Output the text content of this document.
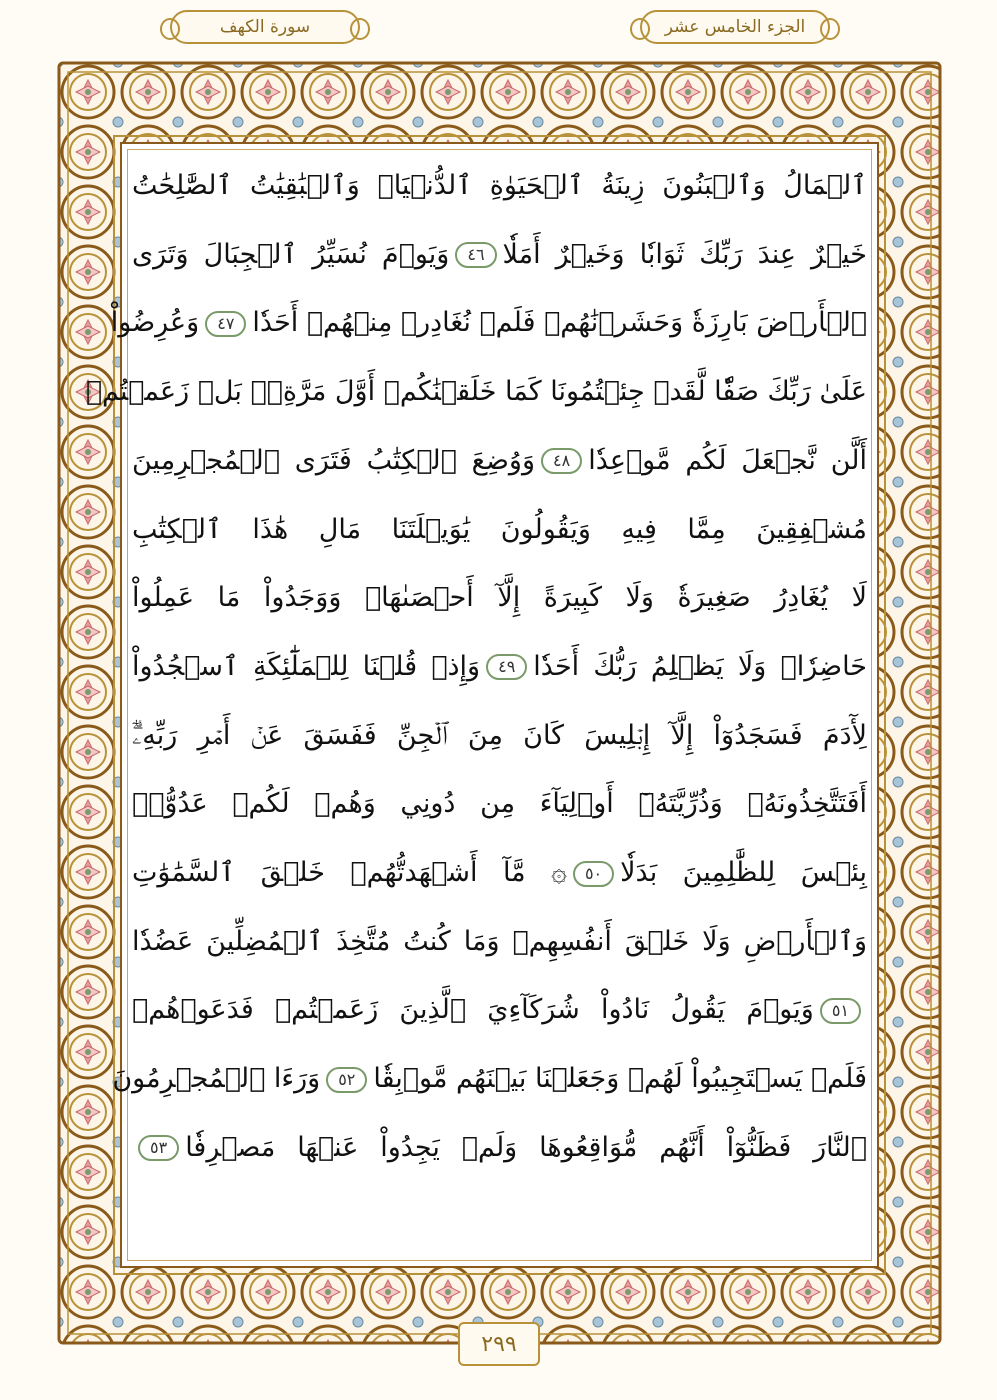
سورة الكهف	الجزء الخامس عشر
ٱلۡمَالُ وَٱلۡبَنُونَ زِينَةُ ٱلۡحَيَوٰةِ ٱلدُّنۡيَاۖ وَٱلۡبَٰقِيَٰتُ ٱلصَّٰلِحَٰتُ
خَيۡرٌ عِندَ رَبِّكَ ثَوَابٗا وَخَيۡرٌ أَمَلٗا٤٦وَيَوۡمَ نُسَيِّرُ ٱلۡجِبَالَ وَتَرَى
ٱلۡأَرۡضَ بَارِزَةٗ وَحَشَرۡنَٰهُمۡ فَلَمۡ نُغَادِرۡ مِنۡهُمۡ أَحَدٗا٤٧وَعُرِضُواْ
عَلَىٰ رَبِّكَ صَفّٗا لَّقَدۡ جِئۡتُمُونَا كَمَا خَلَقۡنَٰكُمۡ أَوَّلَ مَرَّةِۭۚ بَلۡ زَعَمۡتُمۡ
أَلَّن نَّجۡعَلَ لَكُم مَّوۡعِدٗا٤٨وَوُضِعَ ٱلۡكِتَٰبُ فَتَرَى ٱلۡمُجۡرِمِينَ
مُشۡفِقِينَ مِمَّا فِيهِ وَيَقُولُونَ يَٰوَيۡلَتَنَا مَالِ هَٰذَا ٱلۡكِتَٰبِ
لَا يُغَادِرُ صَغِيرَةٗ وَلَا كَبِيرَةً إِلَّآ أَحۡصَىٰهَاۚ وَوَجَدُواْ مَا عَمِلُواْ
حَاضِرٗاۗ وَلَا يَظۡلِمُ رَبُّكَ أَحَدٗا٤٩وَإِذۡ قُلۡنَا لِلۡمَلَٰٓئِكَةِ ٱسۡجُدُواْ
لِأٓدَمَ فَسَجَدُوٓاْ إِلَّآ إِبۡلِيسَ كَانَ مِنَ ٱلۡجِنِّ فَفَسَقَ عَنۡ أَمۡرِ رَبِّهِۦٓۗ
أَفَتَتَّخِذُونَهُۥ وَذُرِّيَّتَهُۥٓ أَوۡلِيَآءَ مِن دُونِي وَهُمۡ لَكُمۡ عَدُوُّۢۚ
بِئۡسَ لِلظَّٰلِمِينَ بَدَلٗا٥٠۞ مَّآ أَشۡهَدتُّهُمۡ خَلۡقَ ٱلسَّمَٰوَٰتِ
وَٱلۡأَرۡضِ وَلَا خَلۡقَ أَنفُسِهِمۡ وَمَا كُنتُ مُتَّخِذَ ٱلۡمُضِلِّينَ عَضُدٗا
٥١وَيَوۡمَ يَقُولُ نَادُواْ شُرَكَآءِيَ ٱلَّذِينَ زَعَمۡتُمۡ فَدَعَوۡهُمۡ
فَلَمۡ يَسۡتَجِيبُواْ لَهُمۡ وَجَعَلۡنَا بَيۡنَهُم مَّوۡبِقٗا٥٢وَرَءَا ٱلۡمُجۡرِمُونَ
ٱلنَّارَ فَظَنُّوٓاْ أَنَّهُم مُّوَاقِعُوهَا وَلَمۡ يَجِدُواْ عَنۡهَا مَصۡرِفٗا٥٣
٢٩٩
